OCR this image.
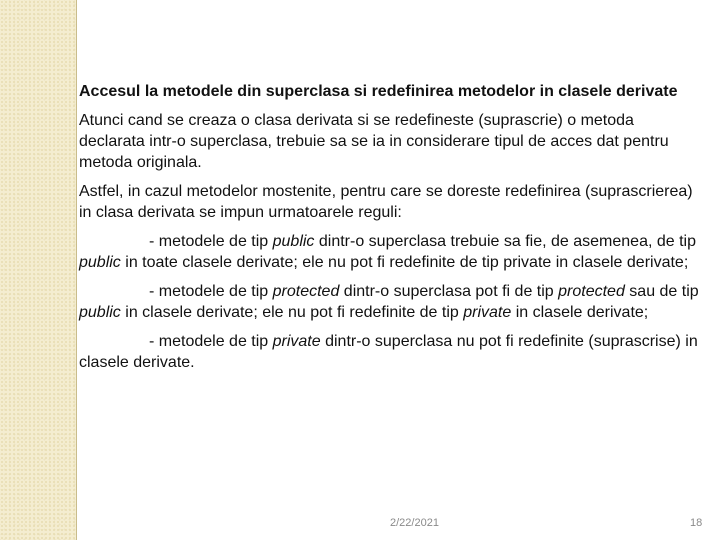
Accesul la metodele din superclasa si redefinirea metodelor in clasele derivate

Atunci cand se creaza o clasa derivata si se redefineste (suprascrie) o metoda declarata intr-o superclasa, trebuie sa se ia in considerare tipul de acces dat pentru metoda originala.

Astfel, in cazul metodelor mostenite, pentru care se doreste redefinirea (suprascrierea) in clasa derivata se impun urmatoarele reguli:

- metodele de tip public dintr-o superclasa trebuie sa fie, de asemenea, de tip public in toate clasele derivate; ele nu pot fi redefinite de tip private in clasele derivate;

- metodele de tip protected dintr-o superclasa pot fi de tip protected sau de tip public in clasele derivate; ele nu pot fi redefinite de tip private in clasele derivate;

- metodele de tip private dintr-o superclasa nu pot fi redefinite (suprascrise) in clasele derivate.

2/22/2021	18
